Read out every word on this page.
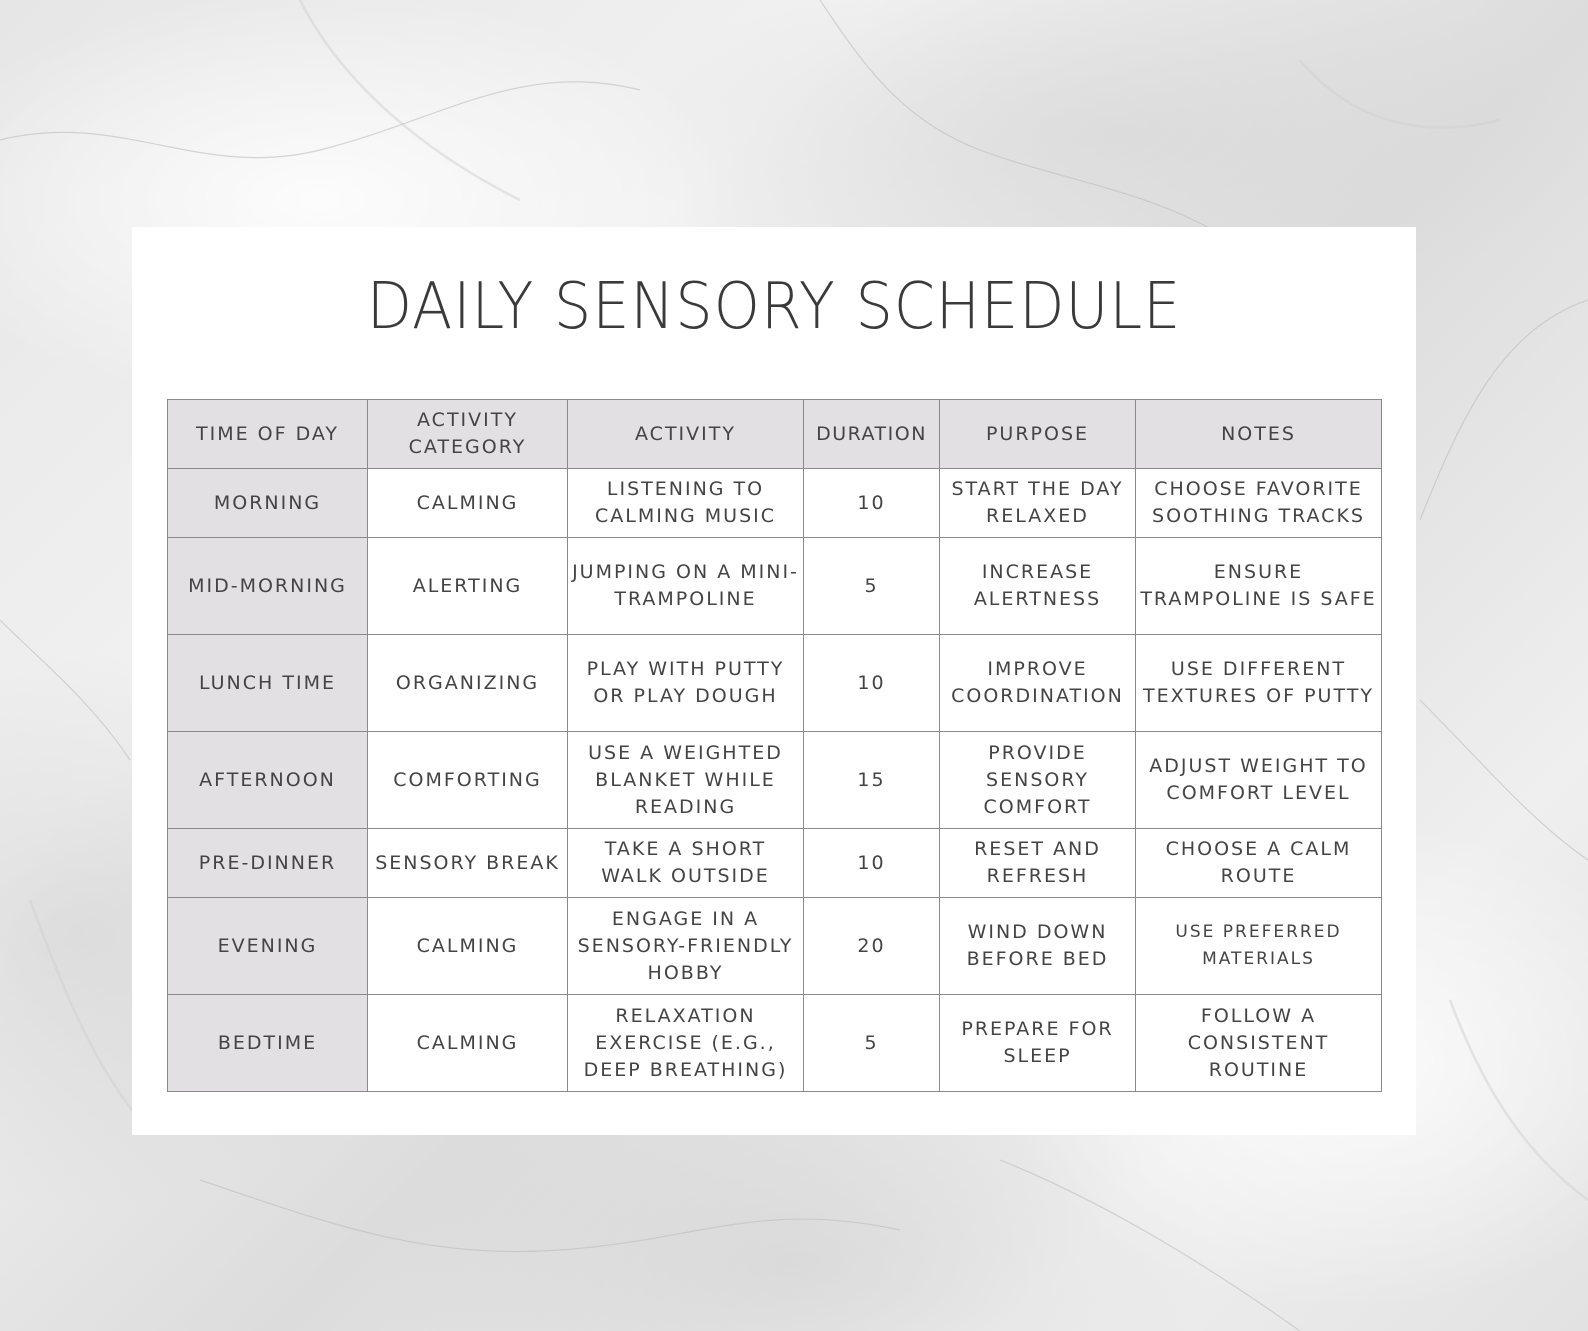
DAILY SENSORY SCHEDULE
TIME OF DAY	ACTIVITY CATEGORY	ACTIVITY	DURATION	PURPOSE	NOTES
MORNING	CALMING	LISTENING TO CALMING MUSIC	10	START THE DAY RELAXED	CHOOSE FAVORITE SOOTHING TRACKS
MID-MORNING	ALERTING	JUMPING ON A MINI-TRAMPOLINE	5	INCREASE ALERTNESS	ENSURE TRAMPOLINE IS SAFE
LUNCH TIME	ORGANIZING	PLAY WITH PUTTY OR PLAY DOUGH	10	IMPROVE COORDINATION	USE DIFFERENT TEXTURES OF PUTTY
AFTERNOON	COMFORTING	USE A WEIGHTED BLANKET WHILE READING	15	PROVIDE SENSORY COMFORT	ADJUST WEIGHT TO COMFORT LEVEL
PRE-DINNER	SENSORY BREAK	TAKE A SHORT WALK OUTSIDE	10	RESET AND REFRESH	CHOOSE A CALM ROUTE
EVENING	CALMING	ENGAGE IN A SENSORY-FRIENDLY HOBBY	20	WIND DOWN BEFORE BED	USE PREFERRED MATERIALS
BEDTIME	CALMING	RELAXATION EXERCISE (E.G., DEEP BREATHING)	5	PREPARE FOR SLEEP	FOLLOW A CONSISTENT ROUTINE
